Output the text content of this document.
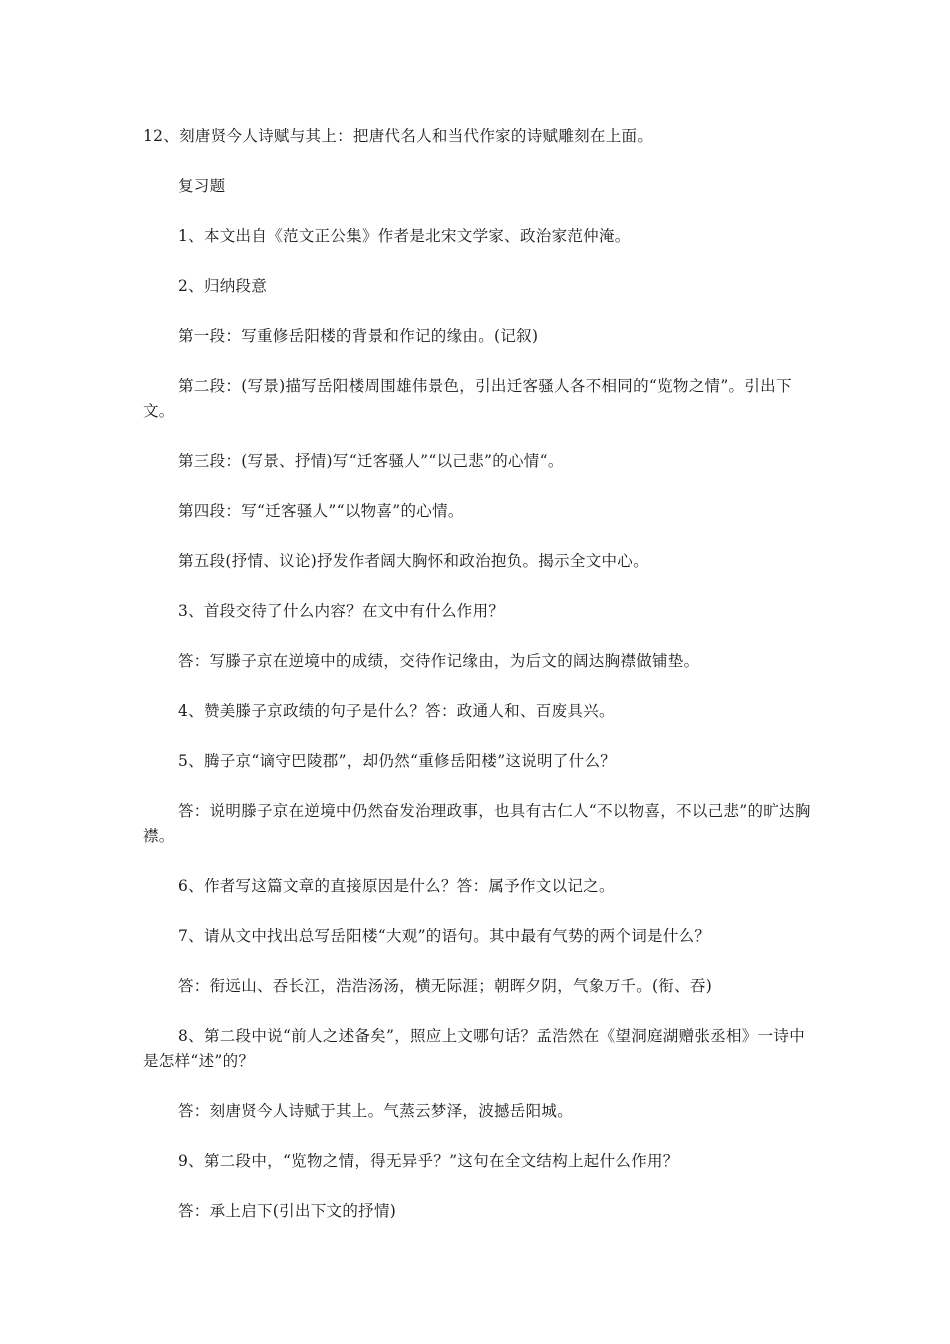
12、刻唐贤今人诗赋与其上：把唐代名人和当代作家的诗赋雕刻在上面。

复习题

1、本文出自《范文正公集》作者是北宋文学家、政治家范仲淹。

2、归纳段意

第一段：写重修岳阳楼的背景和作记的缘由。(记叙)

第二段：(写景)描写岳阳楼周围雄伟景色，引出迁客骚人各不相同的“览物之情”。引出下文。

第三段：(写景、抒情)写“迁客骚人”“以己悲”的心情“。

第四段：写“迁客骚人”“以物喜”的心情。

第五段(抒情、议论)抒发作者阔大胸怀和政治抱负。揭示全文中心。

3、首段交待了什么内容？在文中有什么作用？

答：写滕子京在逆境中的成绩，交待作记缘由，为后文的阔达胸襟做铺垫。

4、赞美滕子京政绩的句子是什么？答：政通人和、百废具兴。

5、腾子京“谪守巴陵郡”，却仍然“重修岳阳楼”这说明了什么？

答：说明滕子京在逆境中仍然奋发治理政事，也具有古仁人“不以物喜，不以己悲”的旷达胸襟。

6、作者写这篇文章的直接原因是什么？答：属予作文以记之。

7、请从文中找出总写岳阳楼“大观”的语句。其中最有气势的两个词是什么？

答：衔远山、吞长江，浩浩汤汤，横无际涯；朝晖夕阴，气象万千。(衔、吞)

8、第二段中说“前人之述备矣”，照应上文哪句话？孟浩然在《望洞庭湖赠张丞相》一诗中是怎样“述”的？

答：刻唐贤今人诗赋于其上。气蒸云梦泽，波撼岳阳城。

9、第二段中，“览物之情，得无异乎？”这句在全文结构上起什么作用？

答：承上启下(引出下文的抒情)
